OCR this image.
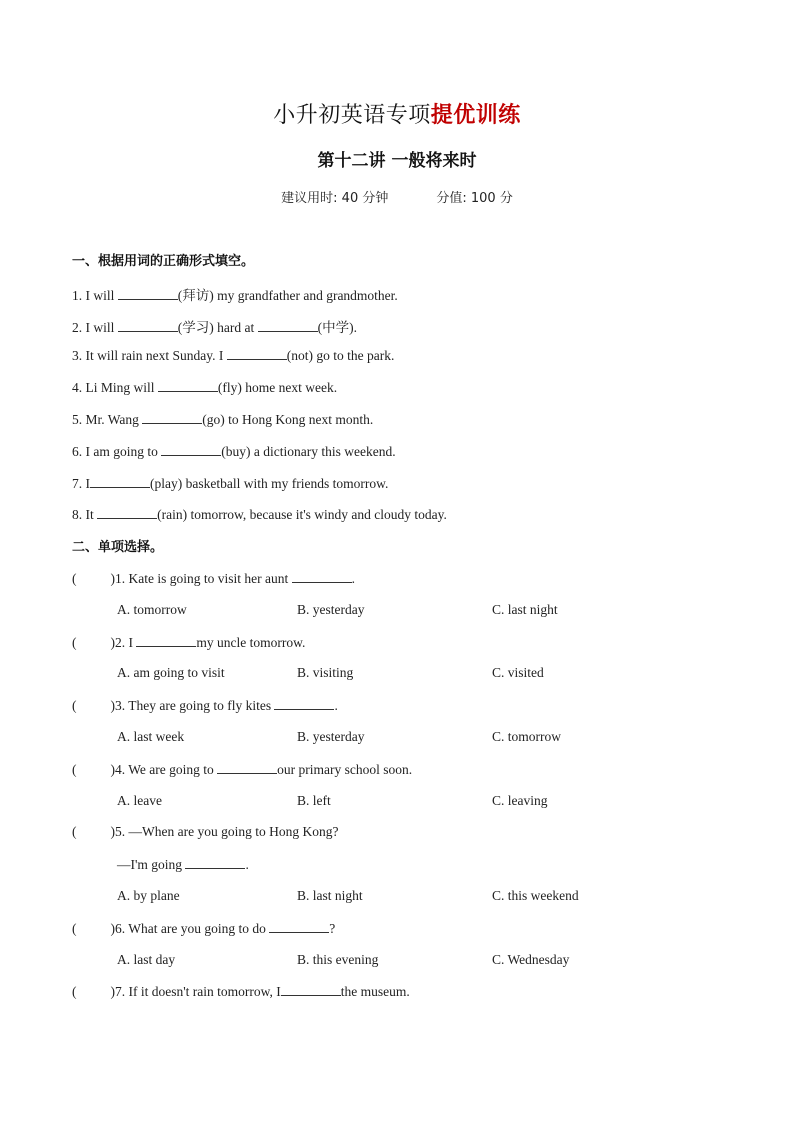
小升初英语专项提优训练
第十二讲 一般将来时
建议用时: 40 分钟	分值: 100 分
一、根据用词的正确形式填空。
1. I will	(拜访) my grandfather and grandmother.
2. I will	(学习) hard at	(中学).
3. It will rain next Sunday. I	(not) go to the park.
4. Li Ming will	(fly) home next week.
5. Mr. Wang	(go) to Hong Kong next month.
6. I am going to	(buy) a dictionary this weekend.
7. I	(play) basketball with my friends tomorrow.
8. It	(rain) tomorrow, because it's windy and cloudy today.
二、单项选择。
(	)1. Kate is going to visit her aunt	.
A. tomorrow	B. yesterday	C. last night
(	)2. I	my uncle tomorrow.
A. am going to visit	B. visiting	C. visited
(	)3. They are going to fly kites	.
A. last week	B. yesterday	C. tomorrow
(	)4. We are going to	our primary school soon.
A. leave	B. left	C. leaving
(	)5. —When are you going to Hong Kong?
—I'm going	.
A. by plane	B. last night	C. this weekend
(	)6. What are you going to do	?
A. last day	B. this evening	C. Wednesday
(	)7. If it doesn't rain tomorrow, I	the museum.
